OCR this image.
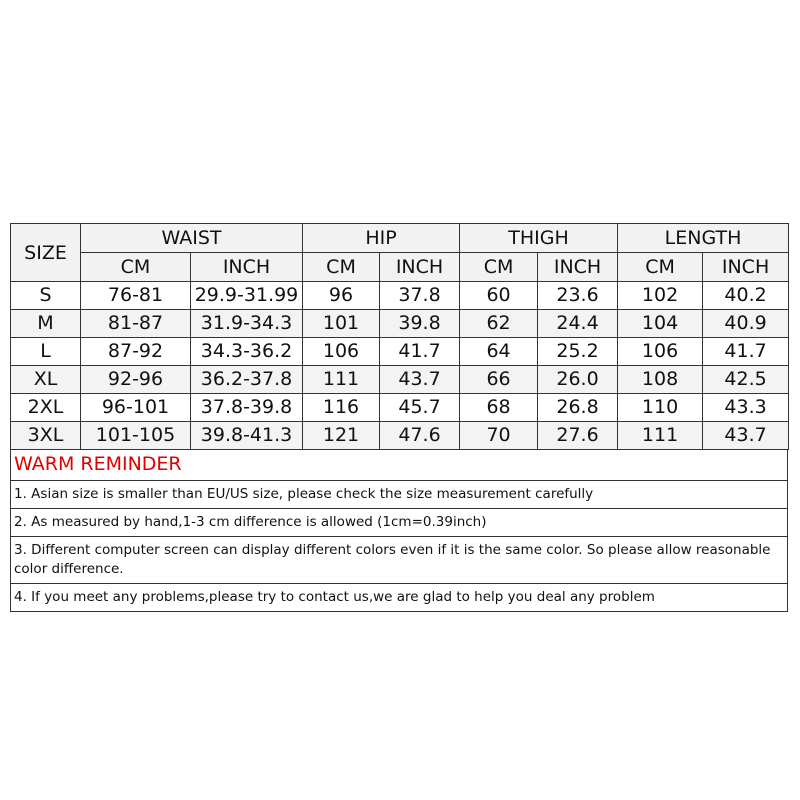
SIZE	WAIST		HIP		THIGH		LENGTH	
	CM	INCH	CM	INCH	CM	INCH	CM	INCH
S	76-81	29.9-31.99	96	37.8	60	23.6	102	40.2
M	81-87	31.9-34.3	101	39.8	62	24.4	104	40.9
L	87-92	34.3-36.2	106	41.7	64	25.2	106	41.7
XL	92-96	36.2-37.8	111	43.7	66	26.0	108	42.5
2XL	96-101	37.8-39.8	116	45.7	68	26.8	110	43.3
3XL	101-105	39.8-41.3	121	47.6	70	27.6	111	43.7
WARM REMINDER
1. Asian size is smaller than EU/US size, please check the size measurement carefully
2. As measured by hand,1-3 cm difference is allowed (1cm=0.39inch)
3. Different computer screen can display different colors even if it is the same color. So please allow reasonable color difference.
4. If you meet any problems,please try to contact us,we are glad to help you deal any problem
